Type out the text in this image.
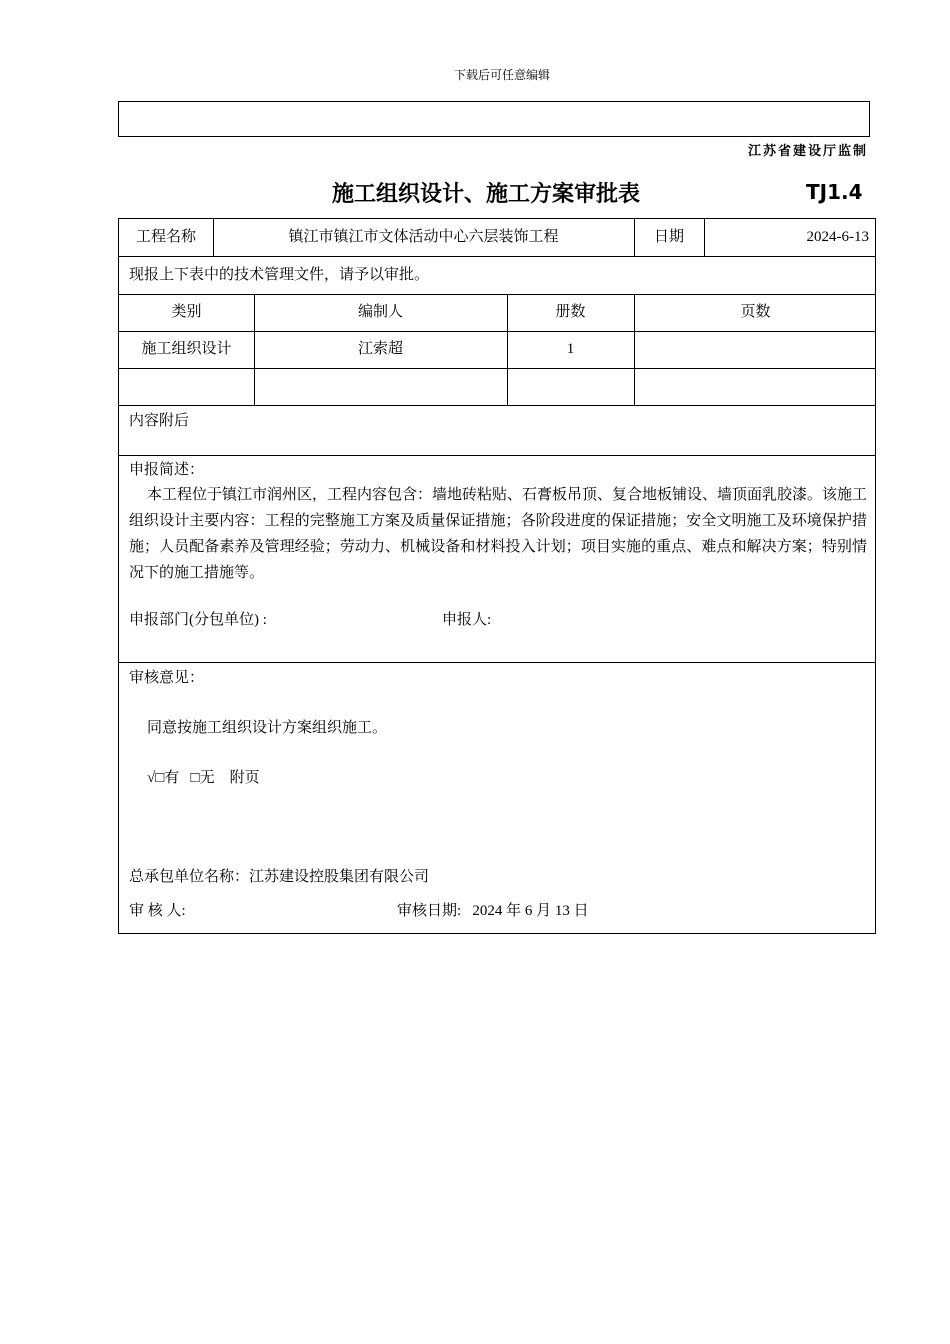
下载后可任意编辑
江苏省建设厅监制
施工组织设计、施工方案审批表	TJ1.4
工程名称	镇江市镇江市文体活动中心六层装饰工程	日期	2024-6-13
现报上下表中的技术管理文件，请予以审批。
类别	编制人	册数	页数
施工组织设计	江索超	1
内容附后
申报简述：
本工程位于镇江市润州区，工程内容包含：墙地砖粘贴、石膏板吊顶、复合地板铺设、墙顶面乳胶漆。该施工组织设计主要内容：工程的完整施工方案及质量保证措施；各阶段进度的保证措施；安全文明施工及环境保护措施；人员配备素养及管理经验；劳动力、机械设备和材料投入计划；项目实施的重点、难点和解决方案；特别情况下的施工措施等。
申报部门(分包单位) :	申报人:
审核意见：
同意按施工组织设计方案组织施工。
√□有 □无 附页
总承包单位名称：江苏建设控股集团有限公司
审 核 人:	审核日期: 2024 年 6 月 13 日
